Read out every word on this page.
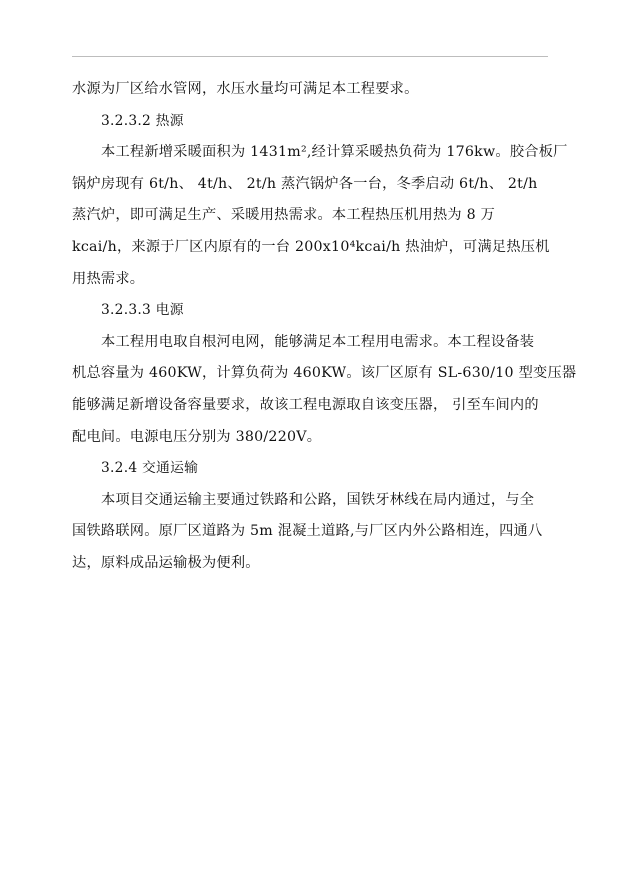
水源为厂区给水管网，水压水量均可满足本工程要求。
3.2.3.2 热源
本工程新增采暖面积为 1431m²,经计算采暖热负荷为 176kw。胶合板厂
锅炉房现有 6t/h、 4t/h、 2t/h 蒸汽锅炉各一台，冬季启动 6t/h、 2t/h
蒸汽炉，即可满足生产、采暖用热需求。本工程热压机用热为 8 万
kcai/h，来源于厂区内原有的一台 200x10⁴kcai/h 热油炉，可满足热压机
用热需求。
3.2.3.3 电源
本工程用电取自根河电网，能够满足本工程用电需求。本工程设备装
机总容量为 460KW，计算负荷为 460KW。该厂区原有 SL-630/10 型变压器
能够满足新增设备容量要求，故该工程电源取自该变压器， 引至车间内的
配电间。电源电压分别为 380/220V。
3.2.4 交通运输
本项目交通运输主要通过铁路和公路，国铁牙林线在局内通过，与全
国铁路联网。原厂区道路为 5m 混凝土道路,与厂区内外公路相连，四通八
达，原料成品运输极为便利。
